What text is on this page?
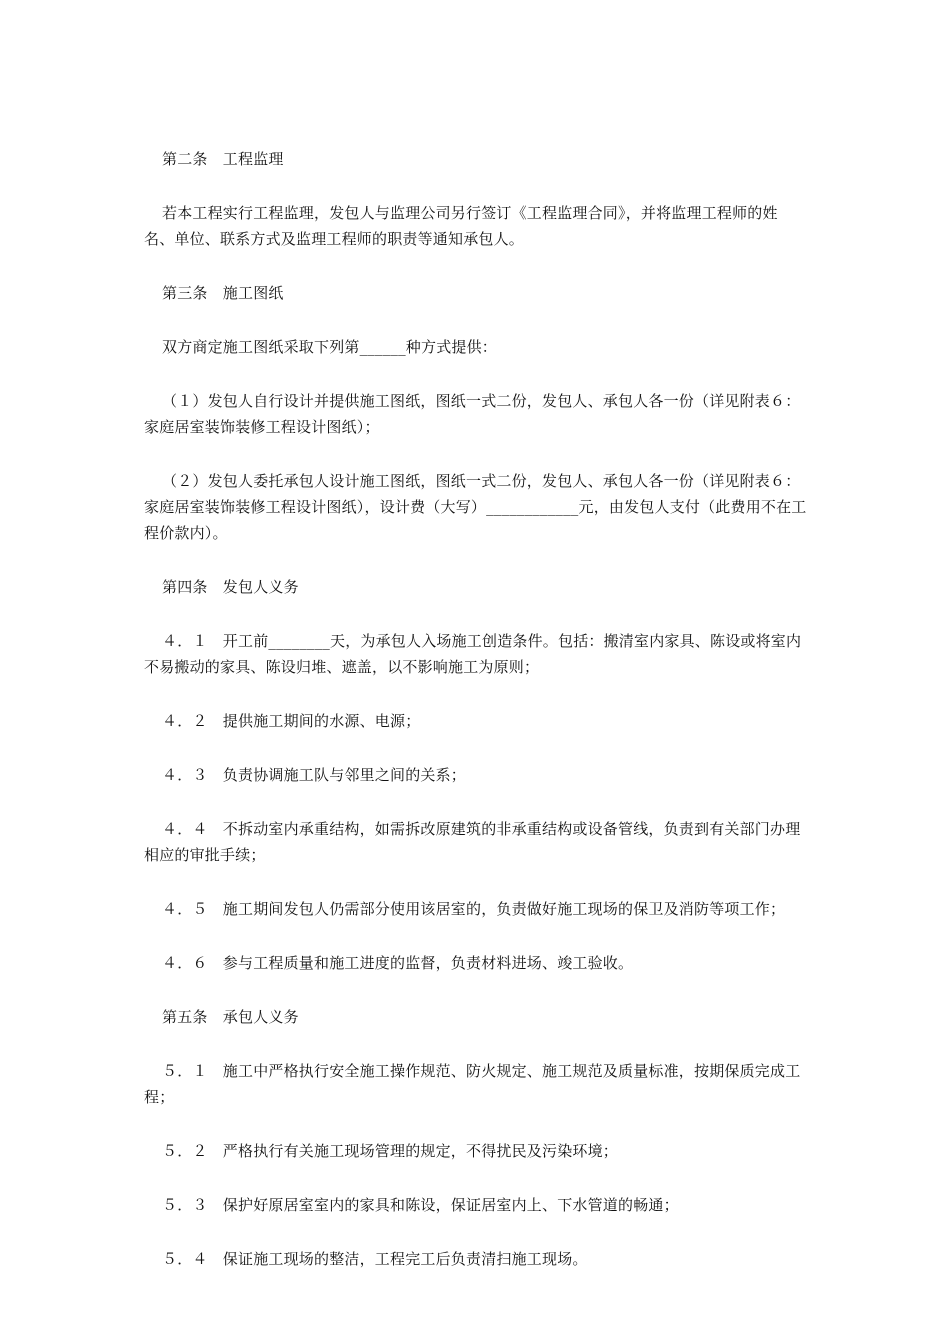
第二条　工程监理

若本工程实行工程监理，发包人与监理公司另行签订《工程监理合同》，并将监理工程师的姓名、单位、联系方式及监理工程师的职责等通知承包人。

第三条　施工图纸

双方商定施工图纸采取下列第______种方式提供：

（１）发包人自行设计并提供施工图纸，图纸一式二份，发包人、承包人各一份（详见附表６：家庭居室装饰装修工程设计图纸）；

（２）发包人委托承包人设计施工图纸，图纸一式二份，发包人、承包人各一份（详见附表６：家庭居室装饰装修工程设计图纸），设计费（大写）____________元，由发包人支付（此费用不在工程价款内）。

第四条　发包人义务

４．１　开工前________天，为承包人入场施工创造条件。包括：搬清室内家具、陈设或将室内不易搬动的家具、陈设归堆、遮盖，以不影响施工为原则；

４．２　提供施工期间的水源、电源；

４．３　负责协调施工队与邻里之间的关系；

４．４　不拆动室内承重结构，如需拆改原建筑的非承重结构或设备管线，负责到有关部门办理相应的审批手续；

４．５　施工期间发包人仍需部分使用该居室的，负责做好施工现场的保卫及消防等项工作；

４．６　参与工程质量和施工进度的监督，负责材料进场、竣工验收。

第五条　承包人义务

５．１　施工中严格执行安全施工操作规范、防火规定、施工规范及质量标准，按期保质完成工程；

５．２　严格执行有关施工现场管理的规定，不得扰民及污染环境；

５．３　保护好原居室室内的家具和陈设，保证居室内上、下水管道的畅通；

５．４　保证施工现场的整洁，工程完工后负责清扫施工现场。
